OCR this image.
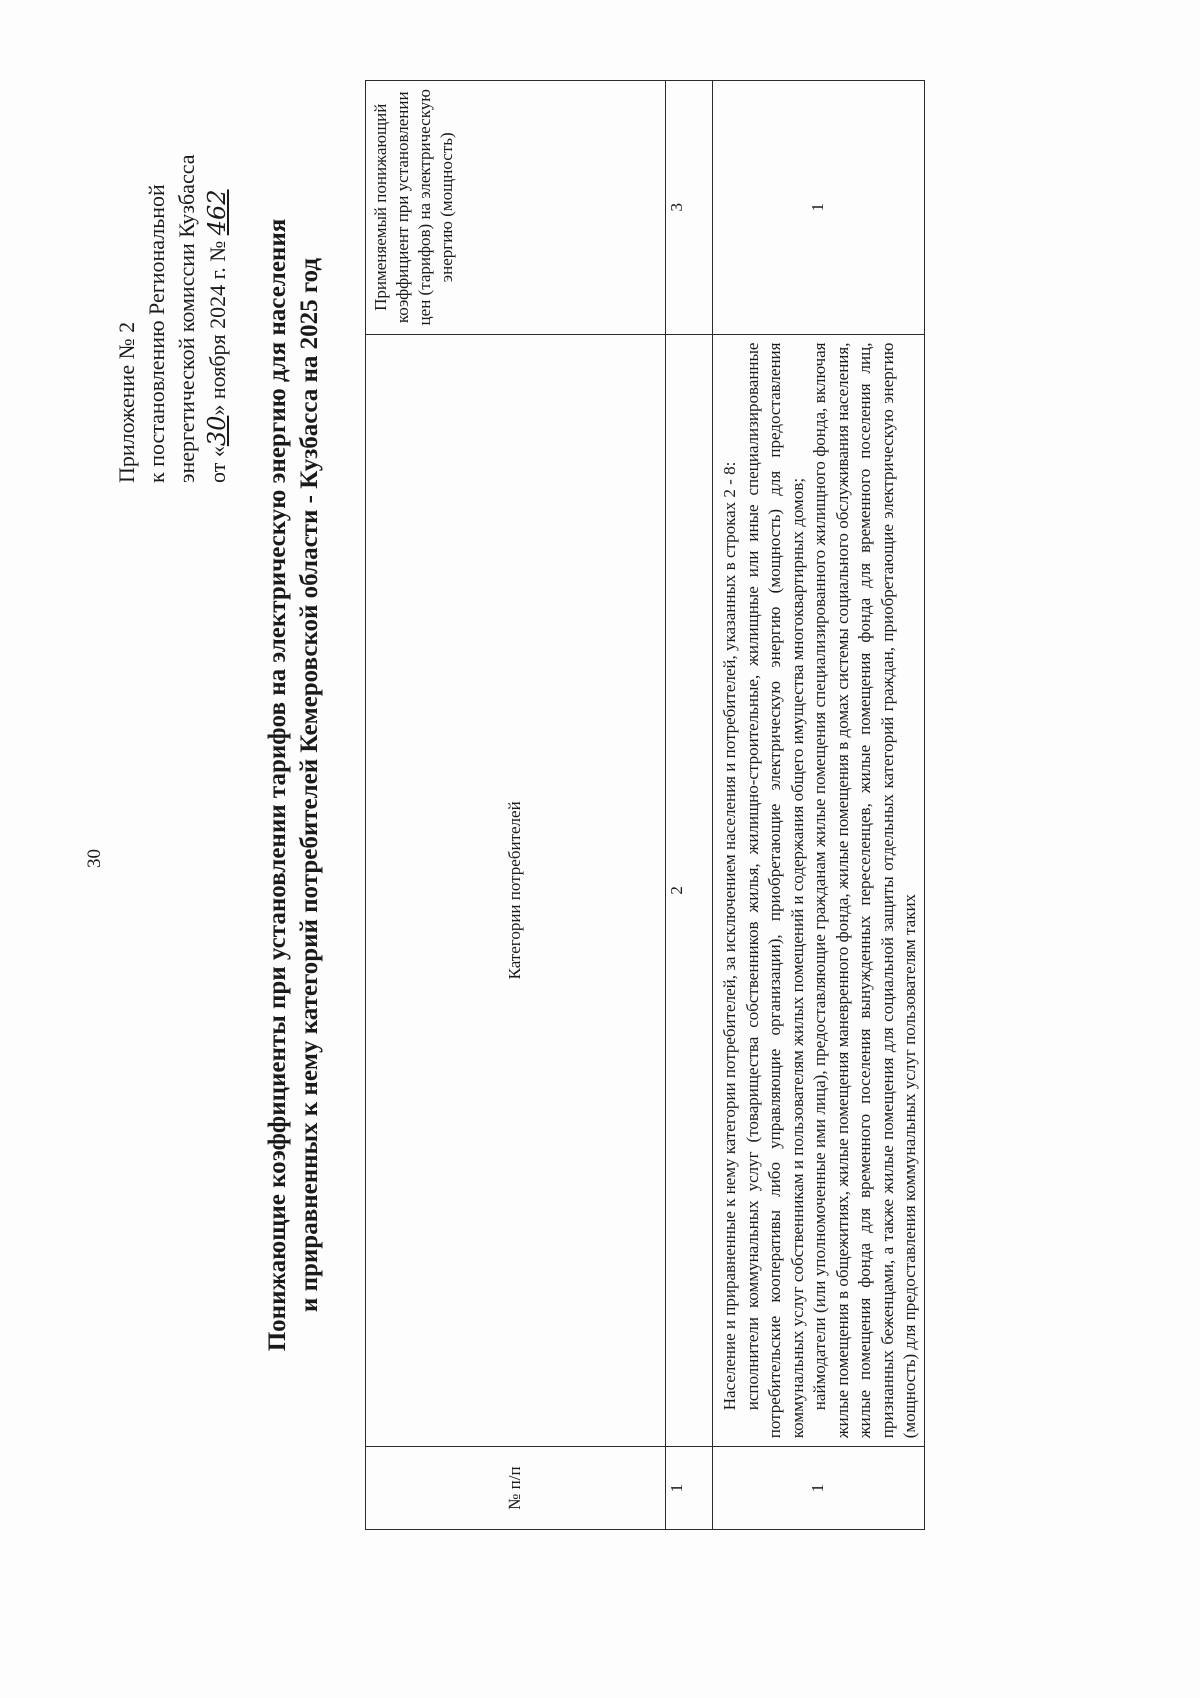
30
Приложение № 2 к постановлению Региональной энергетической комиссии Кузбасса от «30» ноября 2024 г. № 462
Понижающие коэффициенты при установлении тарифов на электрическую энергию для населения и приравненных к нему категорий потребителей Кемеровской области - Кузбасса на 2025 год
№ п/п	Категории потребителей	Применяемый понижающий коэффициент при установлении цен (тарифов) на электрическую энергию (мощность)
1	2	3
1	Население и приравненные к нему категории потребителей, за исключением населения и потребителей, указанных в строках 2 - 8: исполнители коммунальных услуг (товарищества собственников жилья, жилищно-строительные, жилищные или иные специализированные потребительские кооперативы либо управляющие организации), приобретающие электрическую энергию (мощность) для предоставления коммунальных услуг собственникам и пользователям жилых помещений и содержания общего имущества многоквартирных домов; наймодатели (или уполномоченные ими лица), предоставляющие гражданам жилые помещения специализированного жилищного фонда, включая жилые помещения в общежитиях, жилые помещения маневренного фонда, жилые помещения в домах системы социального обслуживания населения, жилые помещения фонда для временного поселения вынужденных переселенцев, жилые помещения фонда для временного поселения лиц, признанных беженцами, а также жилые помещения для социальной защиты отдельных категорий граждан, приобретающие электрическую энергию (мощность) для предоставления коммунальных услуг пользователям таких	1
